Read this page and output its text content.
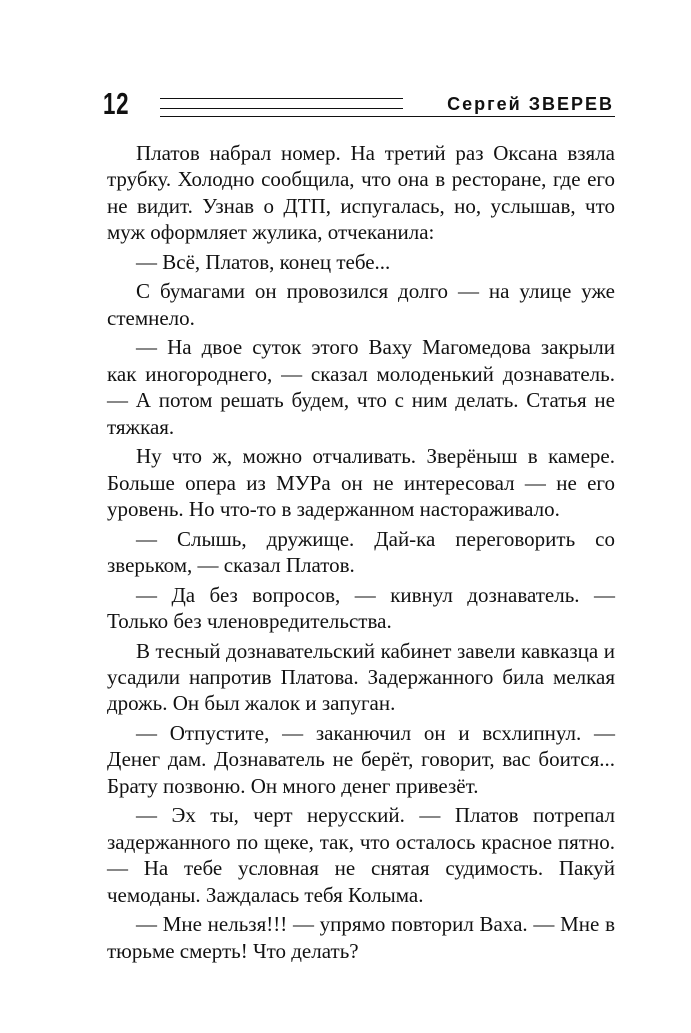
12	Сергей ЗВЕРЕВ

Платов набрал номер. На третий раз Оксана взяла трубку. Холодно сообщила, что она в ресторане, где его не видит. Узнав о ДТП, испугалась, но, услышав, что муж оформляет жулика, отчеканила:

— Всё, Платов, конец тебе...

С бумагами он провозился долго — на улице уже стемнело.

— На двое суток этого Ваху Магомедова закрыли как иногороднего, — сказал молоденький дознаватель. — А потом решать будем, что с ним делать. Статья не тяжкая.

Ну что ж, можно отчаливать. Зверёныш в камере. Больше опера из МУРа он не интересовал — не его уровень. Но что-то в задержанном настораживало.

— Слышь, дружище. Дай-ка переговорить со зверьком, — сказал Платов.

— Да без вопросов, — кивнул дознаватель. — Только без членовредительства.

В тесный дознавательский кабинет завели кавказца и усадили напротив Платова. Задержанного била мелкая дрожь. Он был жалок и запуган.

— Отпустите, — заканючил он и всхлипнул. — Денег дам. Дознаватель не берёт, говорит, вас боится... Брату позвоню. Он много денег привезёт.

— Эх ты, черт нерусский. — Платов потрепал задержанного по щеке, так, что осталось красное пятно. — На тебе условная не снятая судимость. Пакуй чемоданы. Заждалась тебя Колыма.

— Мне нельзя!!! — упрямо повторил Ваха. — Мне в тюрьме смерть! Что делать?
